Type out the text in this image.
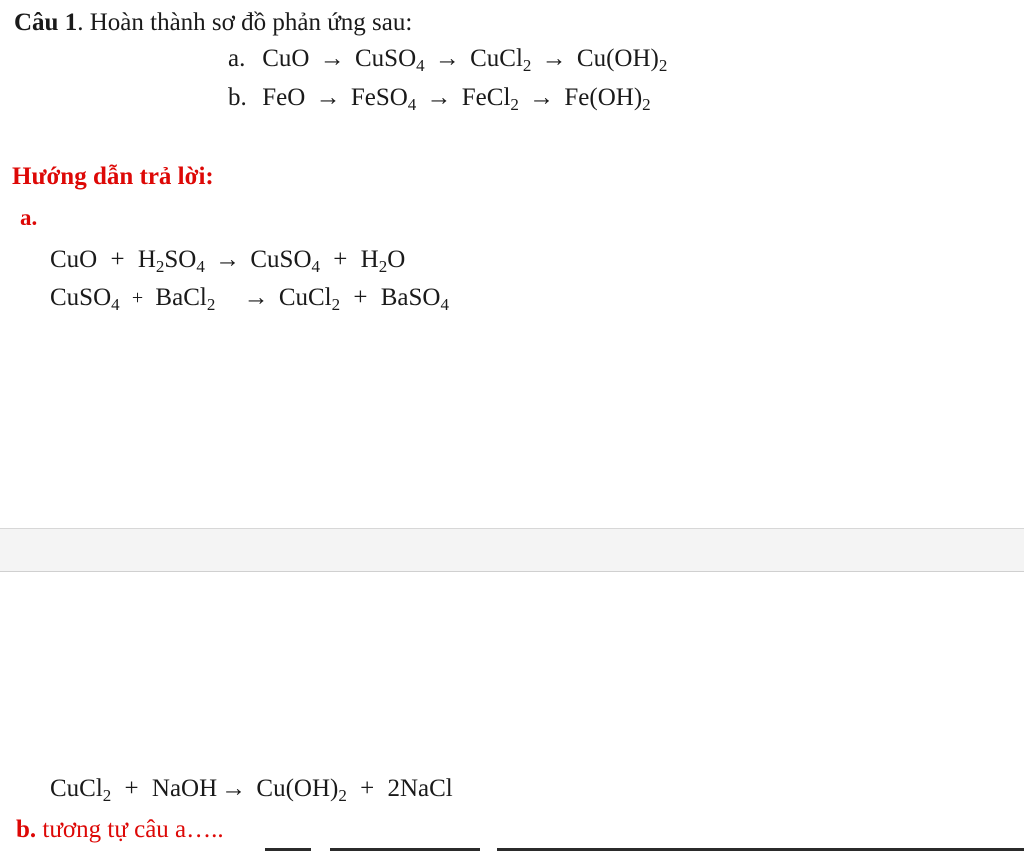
Câu 1. Hoàn thành sơ đồ phản ứng sau:
a. CuO → CuSO$_4$ → CuCl$_2$ → $Cu(OH)_2$
b. FeO → FeSO$_4$ → FeCl$_2$ → $Fe(OH)_2$
Hướng dẫn trả lời:
a.
CuO + $H_2SO_4$ → CuSO$_4$ + $H_2O$
CuSO$_4$ + BaCl$_2$ → CuCl$_2$ + BaSO$_4$
CuCl$_2$ + NaOH → $Cu(OH)_2$ + 2NaCl
b. tương tự câu a…..
